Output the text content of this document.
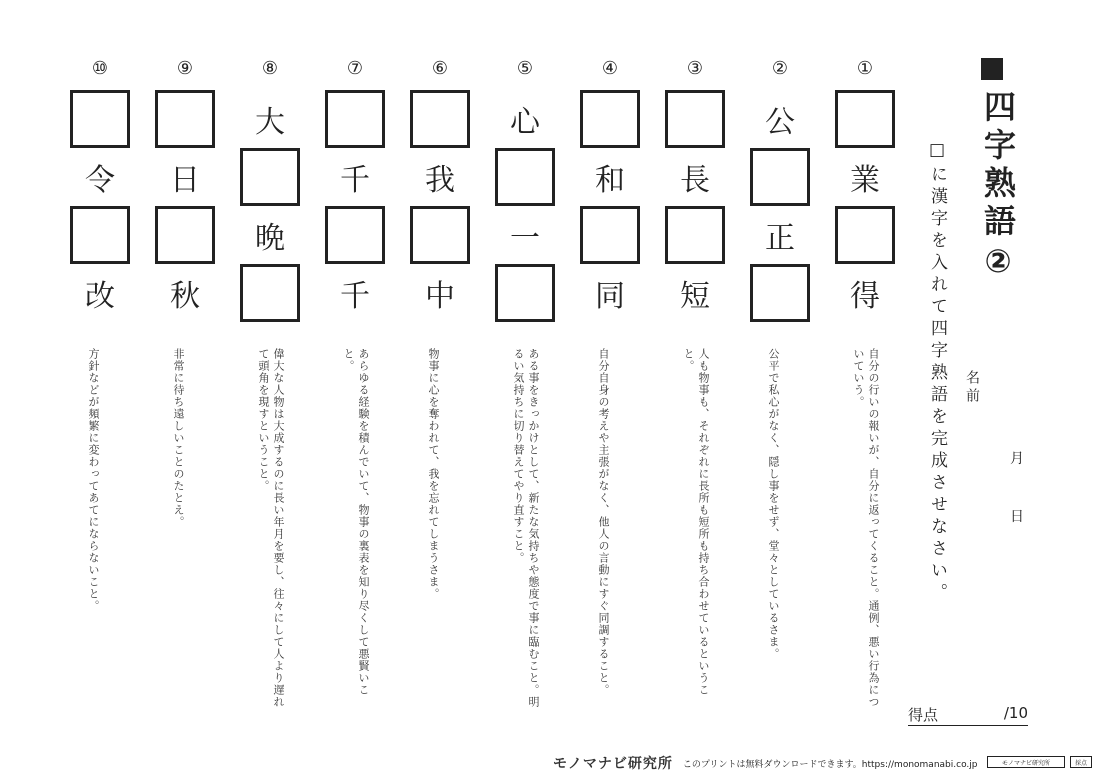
四字熟語②
□に漢字を入れて四字熟語を完成させなさい。 名前
月
日
得点	/10
①
業
得
自分の行いの報いが、自分に返ってくること。通例、悪い行為についていう。
②
公
正
公平で私心がなく、隠し事をせず、堂々としているさま。
③
長
短
人も物事も、それぞれに長所も短所も持ち合わせているということ。
④
和
同
自分自身の考えや主張がなく、他人の言動にすぐ同調すること。
⑤
心
一
ある事をきっかけとして、新たな気持ちや態度で事に臨むこと。明るい気持ちに切り替えてやり直すこと。
⑥
我
中
物事に心を奪われて、我を忘れてしまうさま。
⑦
千
千
あらゆる経験を積んでいて、物事の裏表を知り尽くして悪賢いこと。
⑧
大
晩
偉大な人物は大成するのに長い年月を要し、往々にして人より遅れて頭角を現すということ。
⑨
日
秋
非常に待ち遠しいことのたとえ。
⑩
令
改
方針などが頻繁に変わってあてにならないこと。
モノマナビ研究所 このプリントは無料ダウンロードできます。https://monomanabi.co.jp	モノマナビ研究所	採点
